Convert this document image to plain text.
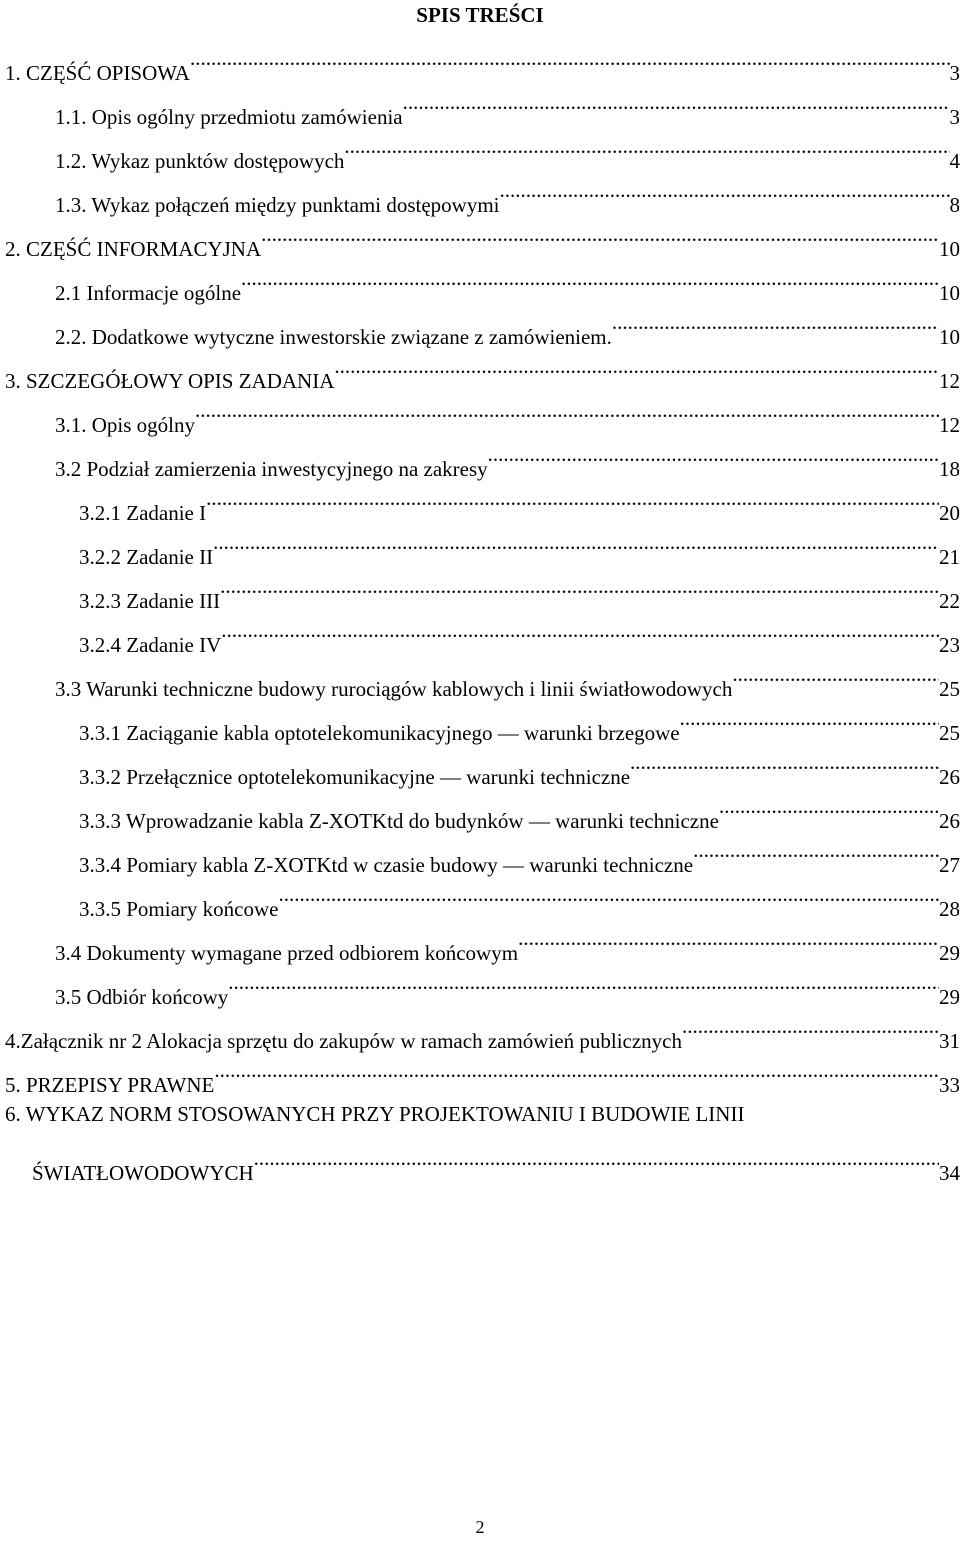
SPIS TREŚCI
1. CZĘŚĆ OPISOWA .....	3
1.1. Opis ogólny przedmiotu zamówienia .....	3
1.2. Wykaz punktów dostępowych .....	4
1.3. Wykaz połączeń między punktami dostępowymi .....	8
2. CZĘŚĆ INFORMACYJNA .....	10
2.1 Informacje ogólne .....	10
2.2. Dodatkowe wytyczne inwestorskie związane z zamówieniem. .....	10
3. SZCZEGÓŁOWY OPIS ZADANIA .....	12
3.1. Opis ogólny .....	12
3.2 Podział zamierzenia inwestycyjnego na zakresy .....	18
3.2.1 Zadanie I .....	20
3.2.2 Zadanie II .....	21
3.2.3 Zadanie III .....	22
3.2.4 Zadanie IV .....	23
3.3 Warunki techniczne budowy rurociągów kablowych i linii światłowodowych .....	25
3.3.1 Zaciąganie kabla optotelekomunikacyjnego — warunki brzegowe .....	25
3.3.2 Przełącznice optotelekomunikacyjne — warunki techniczne .....	26
3.3.3 Wprowadzanie kabla Z-XOTKtd do budynków — warunki techniczne .....	26
3.3.4 Pomiary kabla Z-XOTKtd w czasie budowy — warunki techniczne .....	27
3.3.5 Pomiary końcowe .....	28
3.4 Dokumenty wymagane przed odbiorem końcowym .....	29
3.5 Odbiór końcowy .....	29
4.Załącznik nr 2 Alokacja sprzętu do zakupów w ramach zamówień publicznych .....	31
5. PRZEPISY PRAWNE .....	33
6. WYKAZ NORM STOSOWANYCH PRZY PROJEKTOWANIU I BUDOWIE LINII
ŚWIATŁOWODOWYCH .....	34
2
